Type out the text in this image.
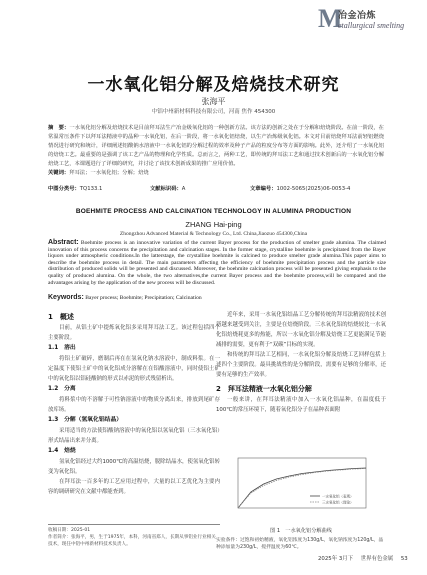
M
冶金冶炼
etallurgical smelting
一水氧化铝分解及焙烧技术研究
张海平
中铝中州新材料科技有限公司，河南 焦作 454300
摘　要：一水氧化铝分解及焙烧技术是目前拜耳法生产冶金级氧化铝的一种创新方法。该方法的创新之处在于分解和焙烧阶段。在前一阶段，在常温常压条件下以拜耳法精液中的晶种一水氧化铝，在后一阶段，将一水氧化铝焙烧，以生产冶炼级氧化铝。本文对目前焙烧拜耳法前轻铝燃烧情况进行研究和统计，详细阐述铝酸钠水溶液中一水氧化铝的分解过程的效率及种子产品的粒度分布等方面的影响。此外，还介绍了一水氧化铝的焙烧工艺。最重要的是强调了该工艺产品的物理和化学性质。总而言之，两种工艺，即传统的拜耳法工艺和通过技术创新后的一水氧化铝分解焙烧工艺，本课题进行了详细的研究，并讨论了该技术创新成果的推广应用价值。
关键词：拜耳法；一水氧化铝；分解；焙烧
中图分类号：TQ133.1	文献标识码：A	文章编号：1002-5065(2025)06-0053-4
BOEHMITE PROCESS AND CALCINATION TECHNOLOGY IN ALUMINA PRODUCTION
ZHANG Hai-ping
Zhongzhou Advanced Material & Technology Co., Ltd. China,Jiaozuo 454300,China
Abstract: Boehmite process is an innovative variation of the current Bayer process for the production of smelter grade alumina. The claimed innovation of this process concerns the precipitation and calcination stages. In the former stage, crystalline boehmite is precipitated from the Bayer liquors under atmospheric conditions.In the latterstage, the crystalline boehmite is calcined to produce smelter grade alumina.This paper aims to describe the boehmite process in detail. The main parameters affecting the efficiency of boehmite precipitation process and the particle size distribution of produced solids will be presented and discussed. Moreover, the boehmite calcination process will be presented giving emphasis to the quality of produced alumina. On the whole, the two alternatives,the current Bayer process and the boehmite process,will be compared and the advantages arising by the application of the new process will be discussed.
Keywords: Bayer process; Boehmite; Precipitation; Calcination
1　概述

目前，从铝土矿中提炼氧化铝多采用拜耳法工艺。该过程包括四个主要阶段。

1.1　溶出

将铝土矿破碎，磨制后再在在氢氧化钠水溶液中，制成料浆。在一定温度下使铝土矿中的氧化铝成分溶解在在铝酸溶液中，同时使铝土矿中的氧化铝以铝硅酸钠的形式以赤泥的形式残留析出。

1.2　分离

将料浆中的不溶解于可性钠溶液中的物质分离出来，排放到尾矿存放库场。

1.3　分解（氢氧化铝结晶）

采用适当的方法使铝酸钠溶液中的氧化铝以氢氧化铝（三水氧化铝）形式结晶出来并分离。

1.4　焙烧

氢氧化铝经过大约1000℃的高温焙烧，脱除结晶水，使氢氧化铝转变为氧化铝。

在拜耳法一百多年的工艺应用过程中，大量的以工艺优化为主要内容的调研研究在文献中都能查到。

近年来，采用一水氧化铝结晶工艺分解传统的拜耳法精液的技术创新越来越受到关注，主要是在焙烧阶段。三水氧化铝的焙烧较比一水氧化铝焙烧耗更多的热能，所以一水氧化铝分解及焙烧工艺更能满足节能减排的需要，更有利于“双碳”目标的实现。

和传统的拜耳法工艺相同，一水氧化铝分解及焙烧工艺回样包括上述四个主要阶段。最具挑战性的是分解阶段，需要有足够的分解率，还要有足够的生产效率。

2　拜耳法精液一水氧化铝分解

一般来讲，在拜耳法精液中加入一水氧化铝晶种，在温度低于100℃的常压环境下，随着氧化铝分子在晶种表面附

一水氧化铝（表观）
三水氧化铝（理论）
图 1　一水氧化铝分解曲线
实验条件：过饱和初始精液，氧化铝浓度为130g/L，氧化钠浓度为120g/L，晶种添加量为230g/L，搅拌温度为60℃。
收稿日期：2025-01
作者简介：张海平，男，生于1975年，本科，河南省郑人，长期从事铝业行业相关技术，现任中铝中州新材料技术负责人。
2025年 3月下 世界有色金属 53
